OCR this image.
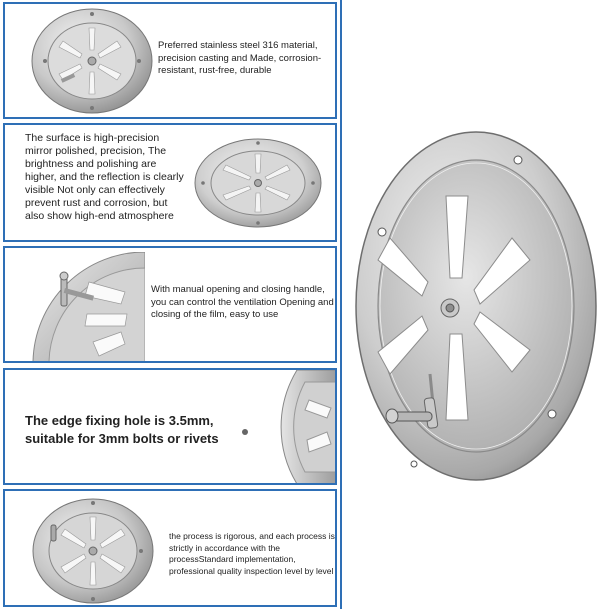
Preferred stainless steel 316 material, precision casting and Made, corrosion-resistant, rust-free, durable
The surface is high-precision mirror polished, precision, The brightness and polishing are higher, and the reflection is clearly visible Not only can effectively prevent rust and corrosion, but also show high-end atmosphere
With manual opening and closing handle, you can control the ventilation Opening and closing of the film, easy to use
The edge fixing hole is 3.5mm, suitable for 3mm bolts or rivets
the process is rigorous, and each process is strictly in accordance with the processStandard implementation, professional quality inspection level by level
